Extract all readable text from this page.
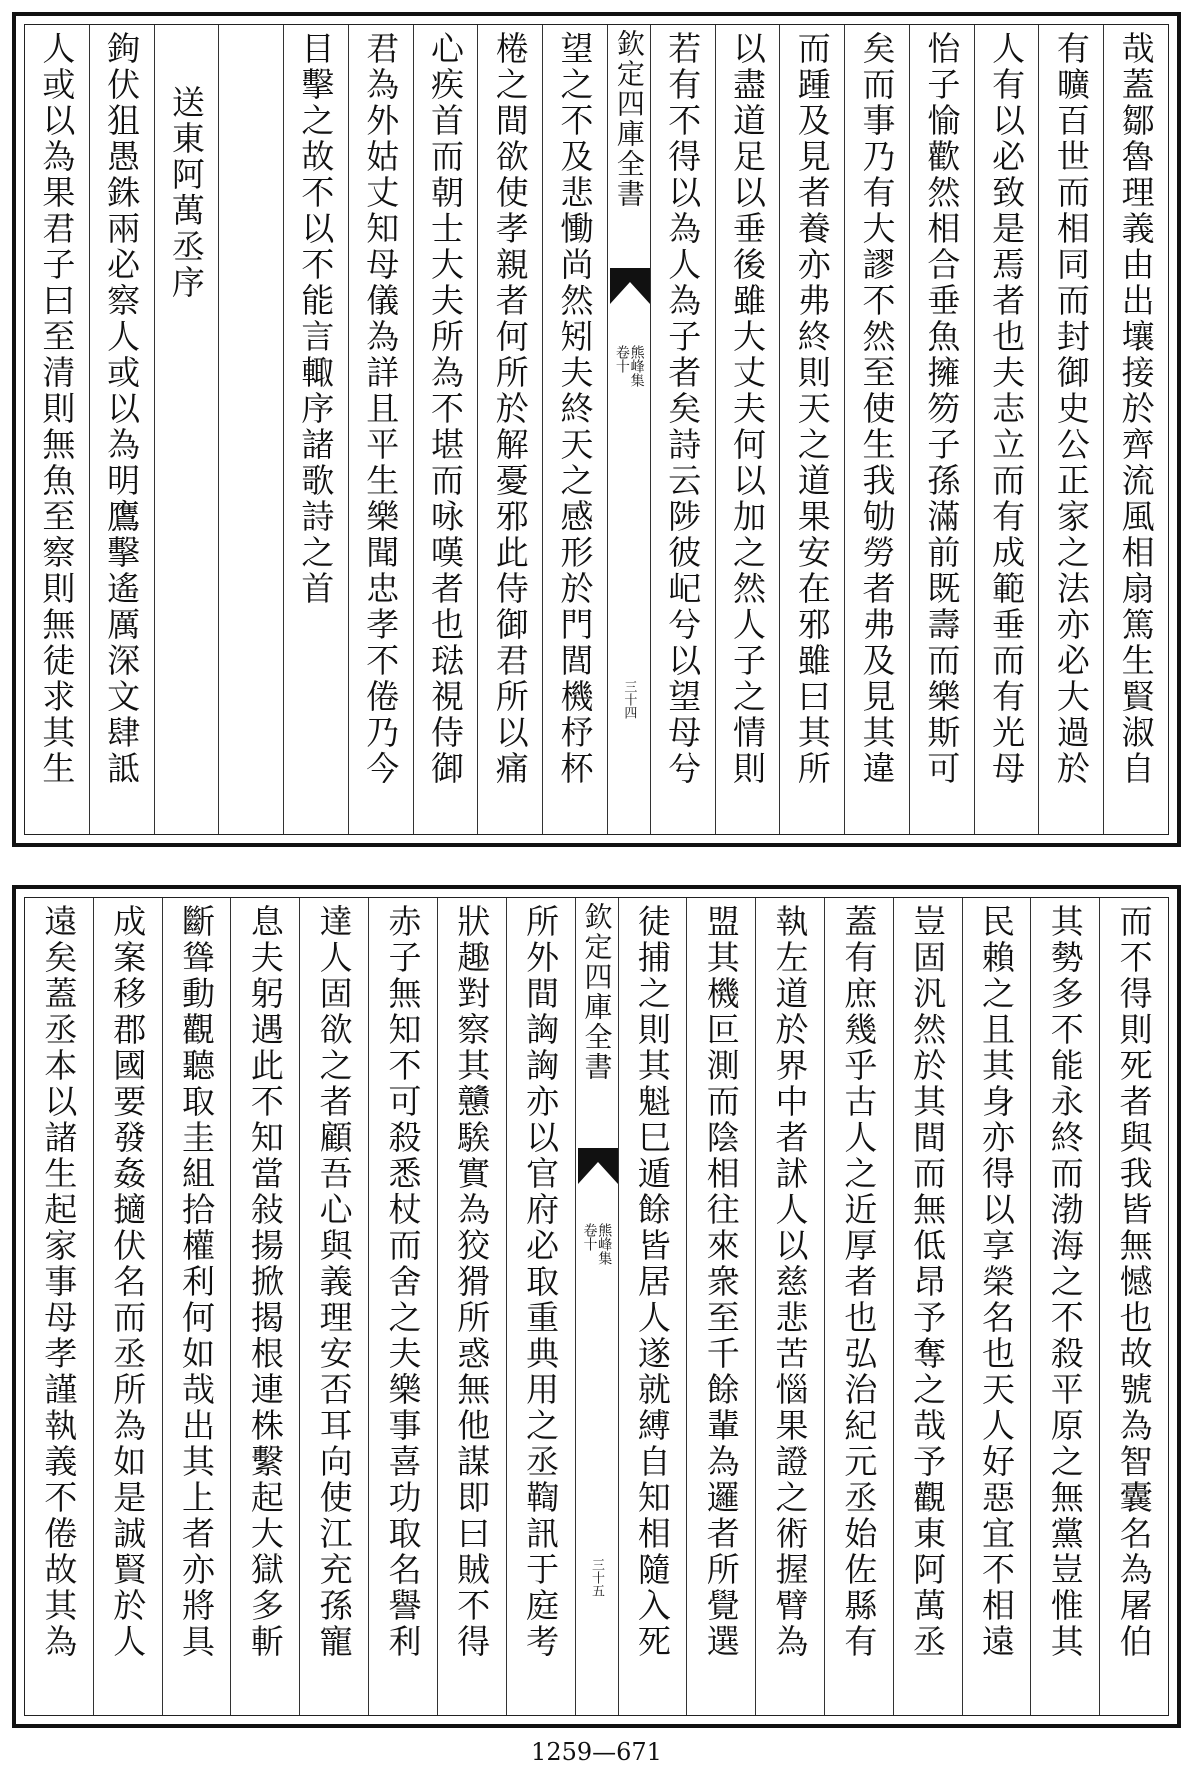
哉蓋鄒魯理義由出壤接於齊流風相扇篤生賢淑自
有曠百世而相同而封御史公正家之法亦必大過於
人有以必致是焉者也夫志立而有成範垂而有光母
怡子愉歡然相合垂魚擁笏子孫滿前既壽而樂斯可
矣而事乃有大謬不然至使生我劬勞者弗及見其違
而踵及見者養亦弗終則天之道果安在邪雖曰其所
以盡道足以垂後雖大丈夫何以加之然人子之情則
若有不得以為人為子者矣詩云陟彼屺兮以望母兮
欽定四庫全書
熊峰集
卷十
三十四
望之不及悲慟尚然矧夫終天之感形於門閭機杼杯
棬之間欲使孝親者何所於解憂邪此侍御君所以痛
心疾首而朝士大夫所為不堪而咏嘆者也琺視侍御
君為外姑丈知母儀為詳且平生樂聞忠孝不倦乃今
目擊之故不以不能言輙序諸歌詩之首
送東阿萬丞序
鉤伏狙愚銖兩必察人或以為明鷹擊遙厲深文肆詆
人或以為果君子曰至清則無魚至察則無徒求其生
而不得則死者與我皆無憾也故號為智囊名為屠伯
其勢多不能永終而渤海之不殺平原之無黨豈惟其
民賴之且其身亦得以享榮名也天人好惡宜不相遠
豈固汎然於其間而無低昂予奪之哉予觀東阿萬丞
蓋有庶幾乎古人之近厚者也弘治紀元丞始佐縣有
執左道於界中者訹人以慈悲苦惱果證之術握臂為
盟其機叵測而陰相往來衆至千餘輩為邏者所覺選
徒捕之則其魁巳遁餘皆居人遂就縛自知相隨入死
欽定四庫全書
熊峰集
卷十
三十五
所外間詾詾亦以官府必取重典用之丞鞫訊于庭考
狀趣對察其戇騃實為狡猾所惑無他謀即曰賊不得
赤子無知不可殺悉杖而舍之夫樂事喜功取名譽利
達人固欲之者顧吾心與義理安否耳向使江充孫寵
息夫躬遇此不知當敍揚掀揭根連株繫起大獄多斬
斷聳動觀聽取圭組拾權利何如哉出其上者亦將具
成案移郡國要發姦擿伏名而丞所為如是誠賢於人
遠矣蓋丞本以諸生起家事母孝謹執義不倦故其為
1259—671
